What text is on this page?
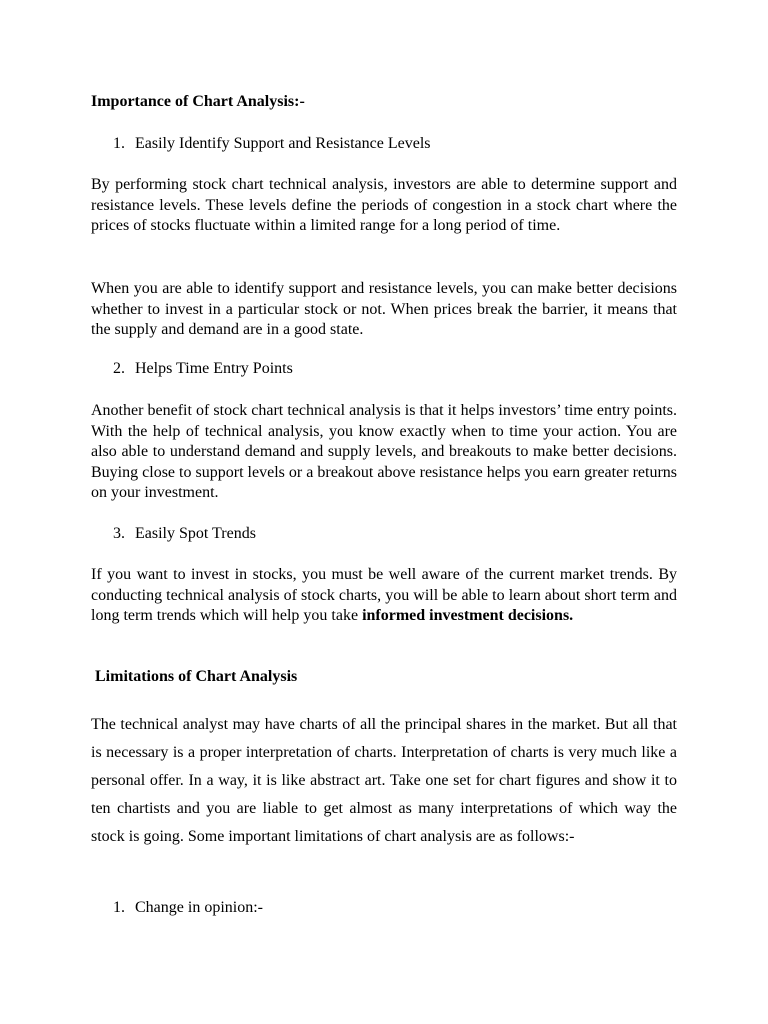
Importance of Chart Analysis:-

1. Easily Identify Support and Resistance Levels

By performing stock chart technical analysis, investors are able to determine support and resistance levels. These levels define the periods of congestion in a stock chart where the prices of stocks fluctuate within a limited range for a long period of time.

When you are able to identify support and resistance levels, you can make better decisions whether to invest in a particular stock or not. When prices break the barrier, it means that the supply and demand are in a good state.

2. Helps Time Entry Points

Another benefit of stock chart technical analysis is that it helps investors’ time entry points. With the help of technical analysis, you know exactly when to time your action. You are also able to understand demand and supply levels, and breakouts to make better decisions. Buying close to support levels or a breakout above resistance helps you earn greater returns on your investment.

3. Easily Spot Trends

If you want to invest in stocks, you must be well aware of the current market trends. By conducting technical analysis of stock charts, you will be able to learn about short term and long term trends which will help you take informed investment decisions.

Limitations of Chart Analysis

The technical analyst may have charts of all the principal shares in the market. But all that is necessary is a proper interpretation of charts. Interpretation of charts is very much like a personal offer. In a way, it is like abstract art. Take one set for chart figures and show it to ten chartists and you are liable to get almost as many interpretations of which way the stock is going. Some important limitations of chart analysis are as follows:-

1. Change in opinion:-
